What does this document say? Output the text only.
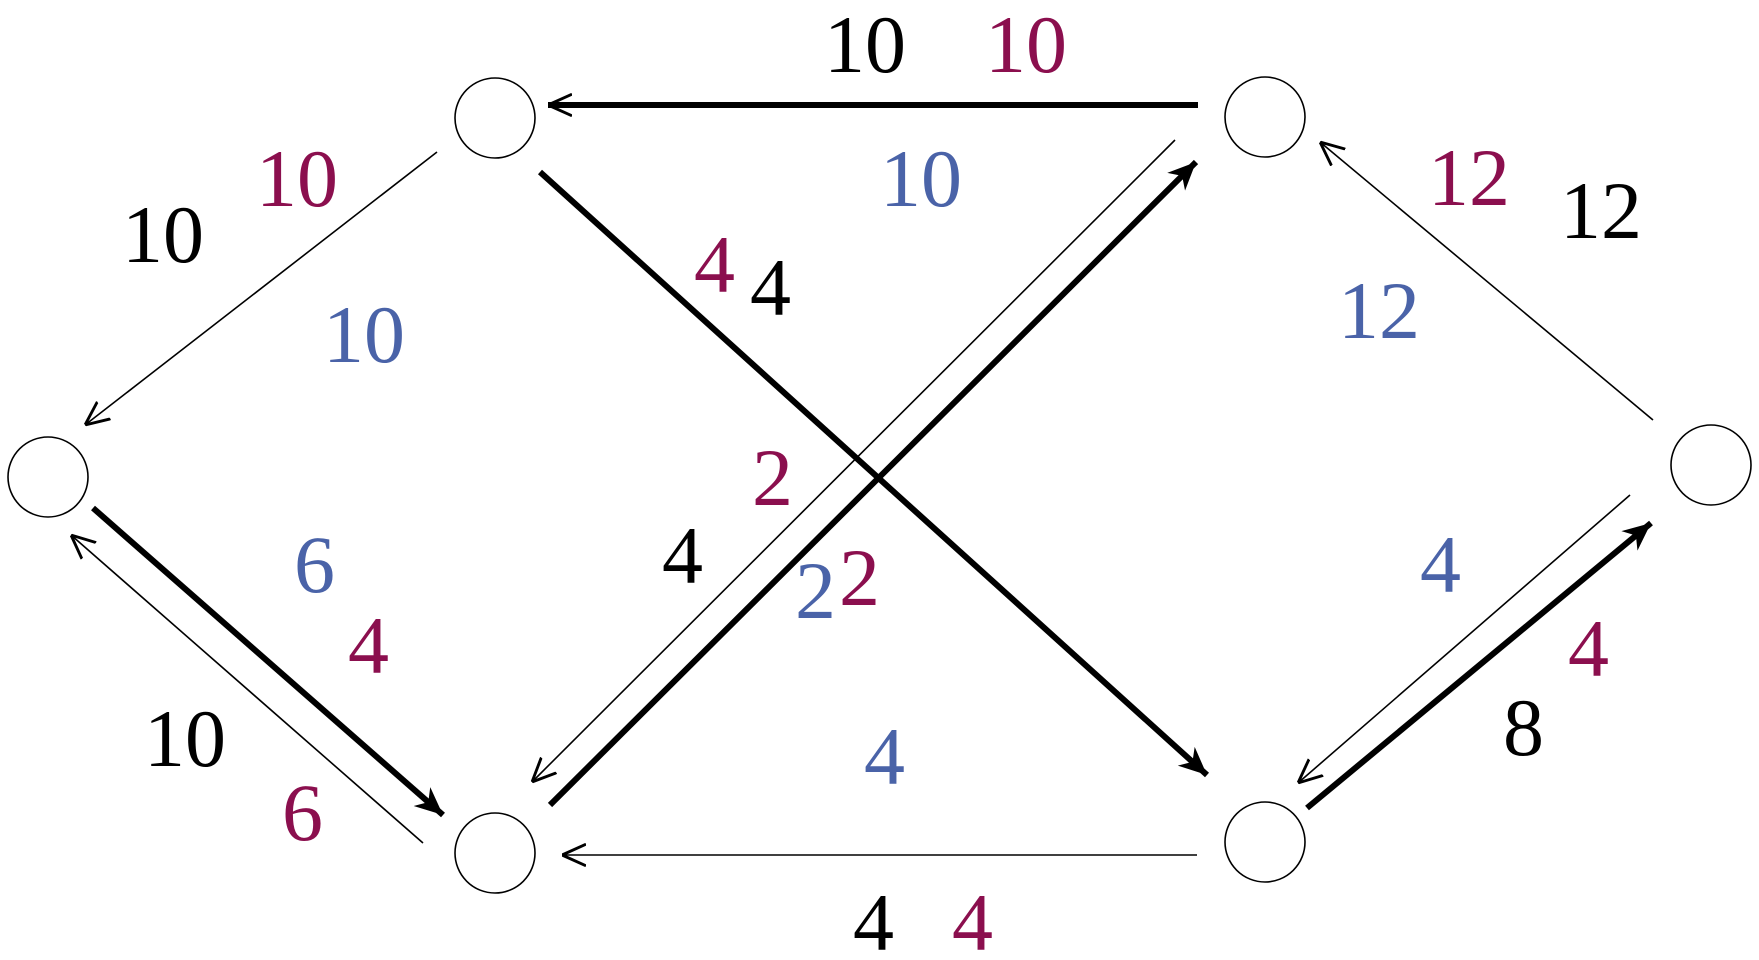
10 10
10
10
10
10
4 4
12 12
12
2
4 2 2
6
4
10
6
4
4 4
4
4
8
